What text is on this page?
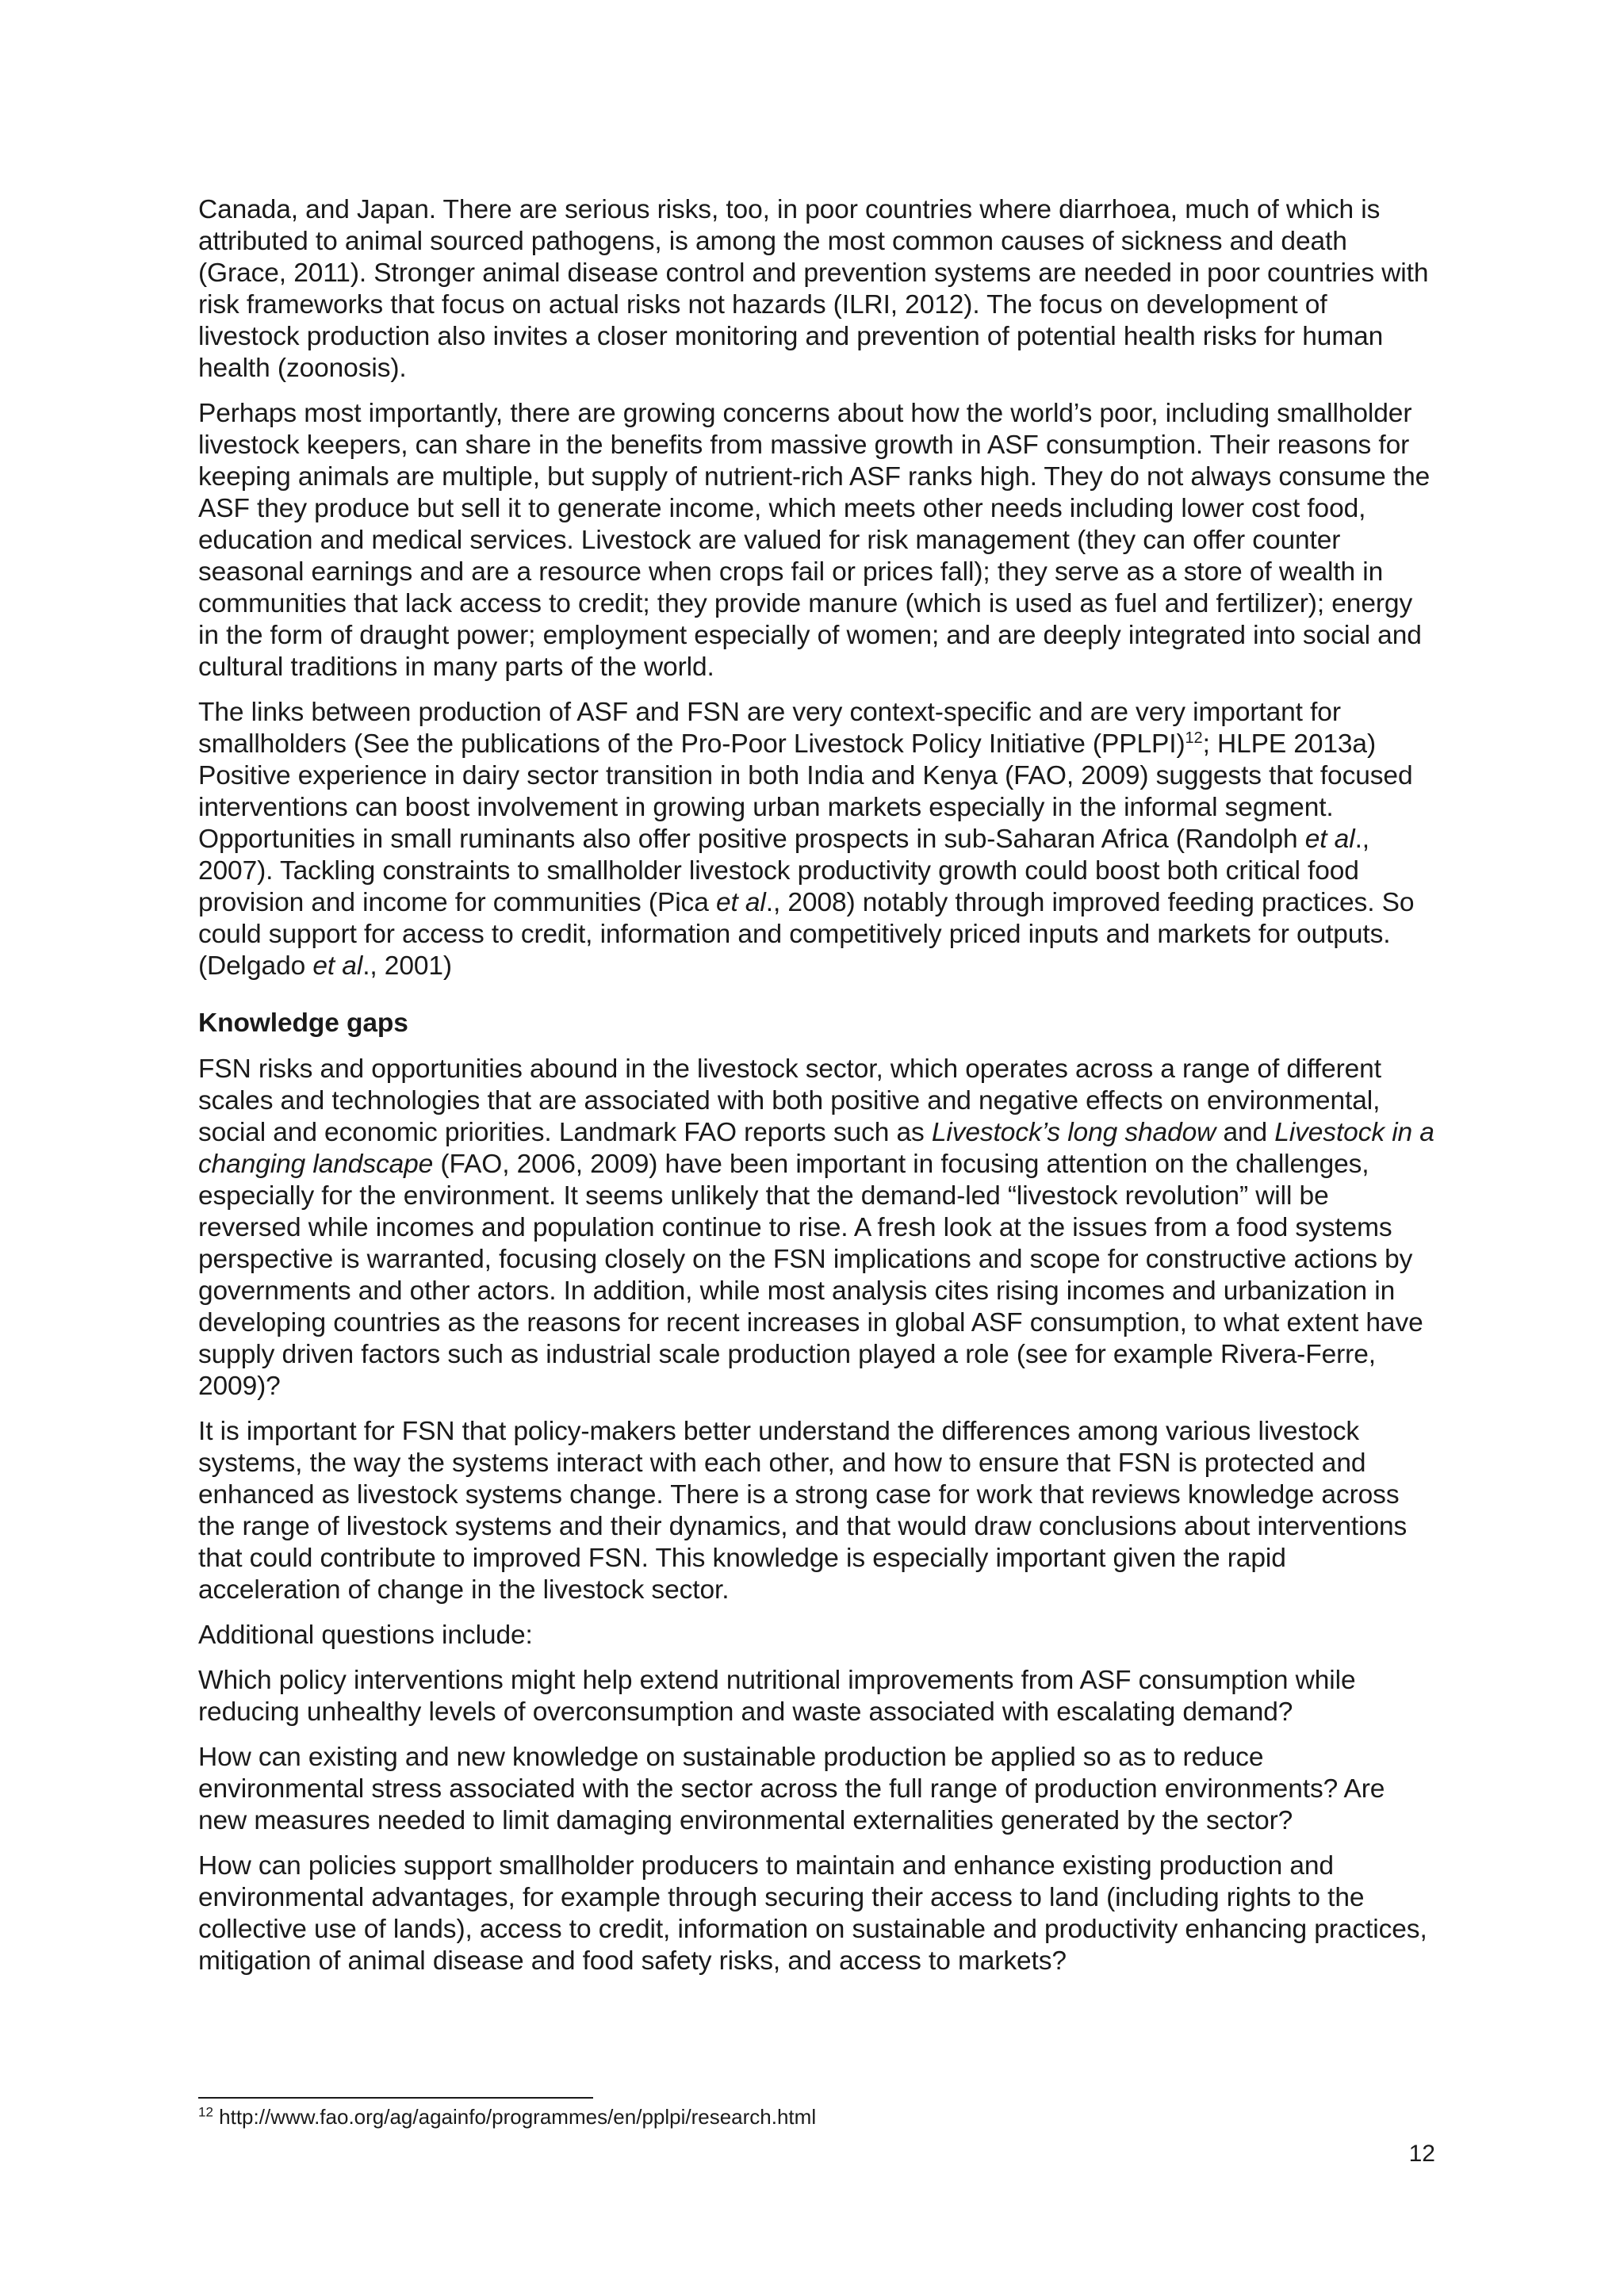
Canada, and Japan. There are serious risks, too, in poor countries where diarrhoea, much of which is attributed to animal sourced pathogens, is among the most common causes of sickness and death (Grace, 2011). Stronger animal disease control and prevention systems are needed in poor countries with risk frameworks that focus on actual risks not hazards (ILRI, 2012). The focus on development of livestock production also invites a closer monitoring and prevention of potential health risks for human health (zoonosis).

Perhaps most importantly, there are growing concerns about how the world’s poor, including smallholder livestock keepers, can share in the benefits from massive growth in ASF consumption. Their reasons for keeping animals are multiple, but supply of nutrient-rich ASF ranks high. They do not always consume the ASF they produce but sell it to generate income, which meets other needs including lower cost food, education and medical services. Livestock are valued for risk management (they can offer counter seasonal earnings and are a resource when crops fail or prices fall); they serve as a store of wealth in communities that lack access to credit; they provide manure (which is used as fuel and fertilizer); energy in the form of draught power; employment especially of women; and are deeply integrated into social and cultural traditions in many parts of the world.

The links between production of ASF and FSN are very context-specific and are very important for smallholders (See the publications of the Pro-Poor Livestock Policy Initiative (PPLPI)$^{12}$; HLPE 2013a) Positive experience in dairy sector transition in both India and Kenya (FAO, 2009) suggests that focused interventions can boost involvement in growing urban markets especially in the informal segment. Opportunities in small ruminants also offer positive prospects in sub-Saharan Africa (Randolph et al., 2007). Tackling constraints to smallholder livestock productivity growth could boost both critical food provision and income for communities (Pica et al., 2008) notably through improved feeding practices. So could support for access to credit, information and competitively priced inputs and markets for outputs. (Delgado et al., 2001)

Knowledge gaps

FSN risks and opportunities abound in the livestock sector, which operates across a range of different scales and technologies that are associated with both positive and negative effects on environmental, social and economic priorities. Landmark FAO reports such as Livestock’s long shadow and Livestock in a changing landscape (FAO, 2006, 2009) have been important in focusing attention on the challenges, especially for the environment. It seems unlikely that the demand-led “livestock revolution” will be reversed while incomes and population continue to rise. A fresh look at the issues from a food systems perspective is warranted, focusing closely on the FSN implications and scope for constructive actions by governments and other actors. In addition, while most analysis cites rising incomes and urbanization in developing countries as the reasons for recent increases in global ASF consumption, to what extent have supply driven factors such as industrial scale production played a role (see for example Rivera-Ferre, 2009)?

It is important for FSN that policy-makers better understand the differences among various livestock systems, the way the systems interact with each other, and how to ensure that FSN is protected and enhanced as livestock systems change. There is a strong case for work that reviews knowledge across the range of livestock systems and their dynamics, and that would draw conclusions about interventions that could contribute to improved FSN. This knowledge is especially important given the rapid acceleration of change in the livestock sector.

Additional questions include:

Which policy interventions might help extend nutritional improvements from ASF consumption while reducing unhealthy levels of overconsumption and waste associated with escalating demand?

How can existing and new knowledge on sustainable production be applied so as to reduce environmental stress associated with the sector across the full range of production environments? Are new measures needed to limit damaging environmental externalities generated by the sector?

How can policies support smallholder producers to maintain and enhance existing production and environmental advantages, for example through securing their access to land (including rights to the collective use of lands), access to credit, information on sustainable and productivity enhancing practices, mitigation of animal disease and food safety risks, and access to markets?

$^{12}$ http://www.fao.org/ag/againfo/programmes/en/pplpi/research.html
12
